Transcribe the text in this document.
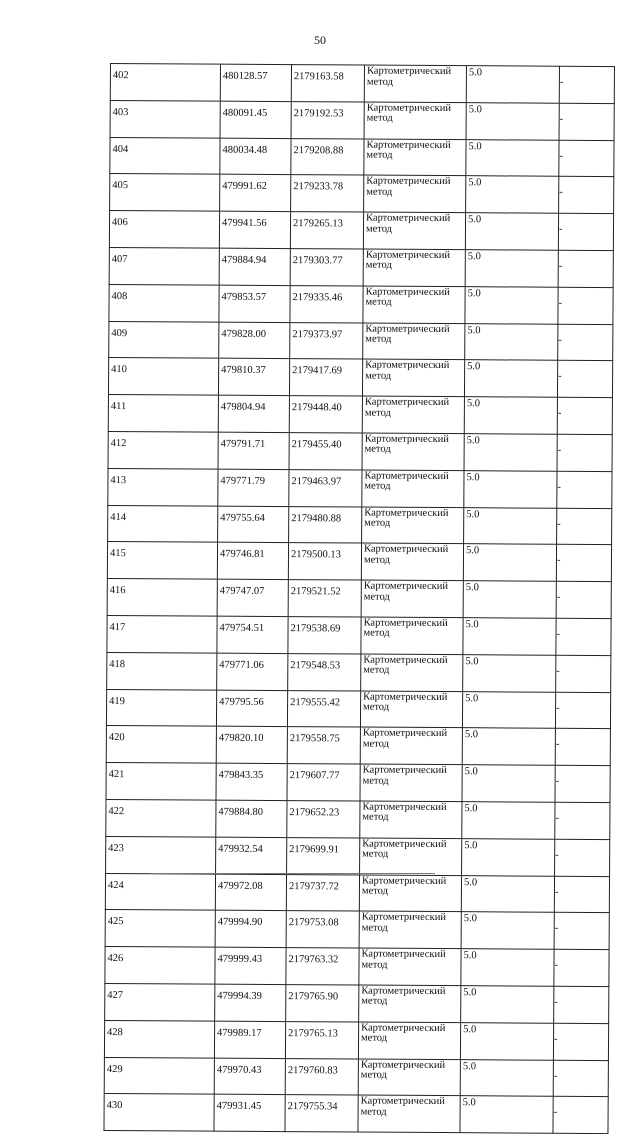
50
402	480128.57	2179163.58	Картометрический метод	5.0	-
403	480091.45	2179192.53	Картометрический метод	5.0	-
404	480034.48	2179208.88	Картометрический метод	5.0	-
405	479991.62	2179233.78	Картометрический метод	5.0	-
406	479941.56	2179265.13	Картометрический метод	5.0	-
407	479884.94	2179303.77	Картометрический метод	5.0	-
408	479853.57	2179335.46	Картометрический метод	5.0	-
409	479828.00	2179373.97	Картометрический метод	5.0	-
410	479810.37	2179417.69	Картометрический метод	5.0	-
411	479804.94	2179448.40	Картометрический метод	5.0	-
412	479791.71	2179455.40	Картометрический метод	5.0	-
413	479771.79	2179463.97	Картометрический метод	5.0	-
414	479755.64	2179480.88	Картометрический метод	5.0	-
415	479746.81	2179500.13	Картометрический метод	5.0	-
416	479747.07	2179521.52	Картометрический метод	5.0	-
417	479754.51	2179538.69	Картометрический метод	5.0	-
418	479771.06	2179548.53	Картометрический метод	5.0	-
419	479795.56	2179555.42	Картометрический метод	5.0	-
420	479820.10	2179558.75	Картометрический метод	5.0	-
421	479843.35	2179607.77	Картометрический метод	5.0	-
422	479884.80	2179652.23	Картометрический метод	5.0	-
423	479932.54	2179699.91	Картометрический метод	5.0	-
424	479972.08	2179737.72	Картометрический метод	5.0	-
425	479994.90	2179753.08	Картометрический метод	5.0	-
426	479999.43	2179763.32	Картометрический метод	5.0	-
427	479994.39	2179765.90	Картометрический метод	5.0	-
428	479989.17	2179765.13	Картометрический метод	5.0	-
429	479970.43	2179760.83	Картометрический метод	5.0	-
430	479931.45	2179755.34	Картометрический метод	5.0	-
